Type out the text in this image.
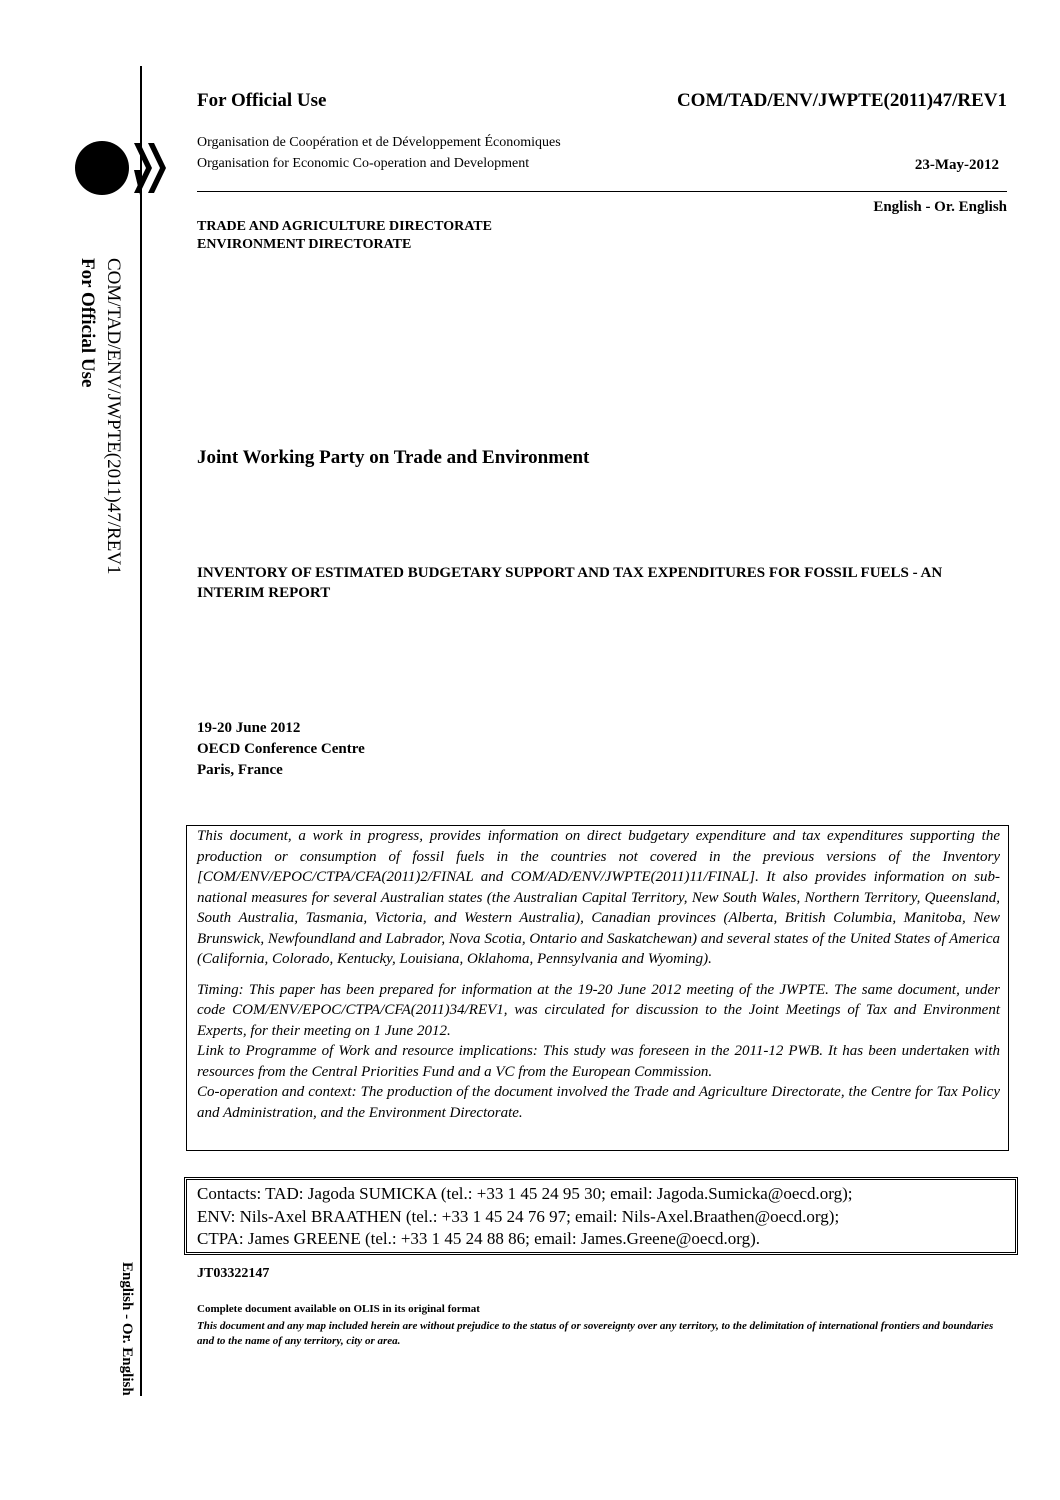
COM/TAD/ENV/JWPTE(2011)47/REV1
For Official Use
English - Or. English
For Official Use	COM/TAD/ENV/JWPTE(2011)47/REV1
Organisation de Coopération et de Développement Économiques
Organisation for Economic Co-operation and Development	23-May-2012
English - Or. English
TRADE AND AGRICULTURE DIRECTORATE
ENVIRONMENT DIRECTORATE
Joint Working Party on Trade and Environment
INVENTORY OF ESTIMATED BUDGETARY SUPPORT AND TAX EXPENDITURES FOR FOSSIL FUELS - AN INTERIM REPORT
19-20 June 2012
OECD Conference Centre
Paris, France

This document, a work in progress, provides information on direct budgetary expenditure and tax expenditures supporting the production or consumption of fossil fuels in the countries not covered in the previous versions of the Inventory [COM/ENV/EPOC/CTPA/CFA(2011)2/FINAL and COM/AD/ENV/JWPTE(2011)11/FINAL]. It also provides information on sub-national measures for several Australian states (the Australian Capital Territory, New South Wales, Northern Territory, Queensland, South Australia, Tasmania, Victoria, and Western Australia), Canadian provinces (Alberta, British Columbia, Manitoba, New Brunswick, Newfoundland and Labrador, Nova Scotia, Ontario and Saskatchewan) and several states of the United States of America (California, Colorado, Kentucky, Louisiana, Oklahoma, Pennsylvania and Wyoming).

Timing: This paper has been prepared for information at the 19-20 June 2012 meeting of the JWPTE. The same document, under code COM/ENV/EPOC/CTPA/CFA(2011)34/REV1, was circulated for discussion to the Joint Meetings of Tax and Environment Experts, for their meeting on 1 June 2012.

Link to Programme of Work and resource implications: This study was foreseen in the 2011-12 PWB. It has been undertaken with resources from the Central Priorities Fund and a VC from the European Commission.

Co-operation and context: The production of the document involved the Trade and Agriculture Directorate, the Centre for Tax Policy and Administration, and the Environment Directorate.

Contacts: TAD: Jagoda SUMICKA (tel.: +33 1 45 24 95 30; email: Jagoda.Sumicka@oecd.org);
ENV: Nils-Axel BRAATHEN (tel.: +33 1 45 24 76 97; email: Nils-Axel.Braathen@oecd.org);
CTPA: James GREENE (tel.: +33 1 45 24 88 86; email: James.Greene@oecd.org).
JT03322147
Complete document available on OLIS in its original format
This document and any map included herein are without prejudice to the status of or sovereignty over any territory, to the delimitation of international frontiers and boundaries and to the name of any territory, city or area.
